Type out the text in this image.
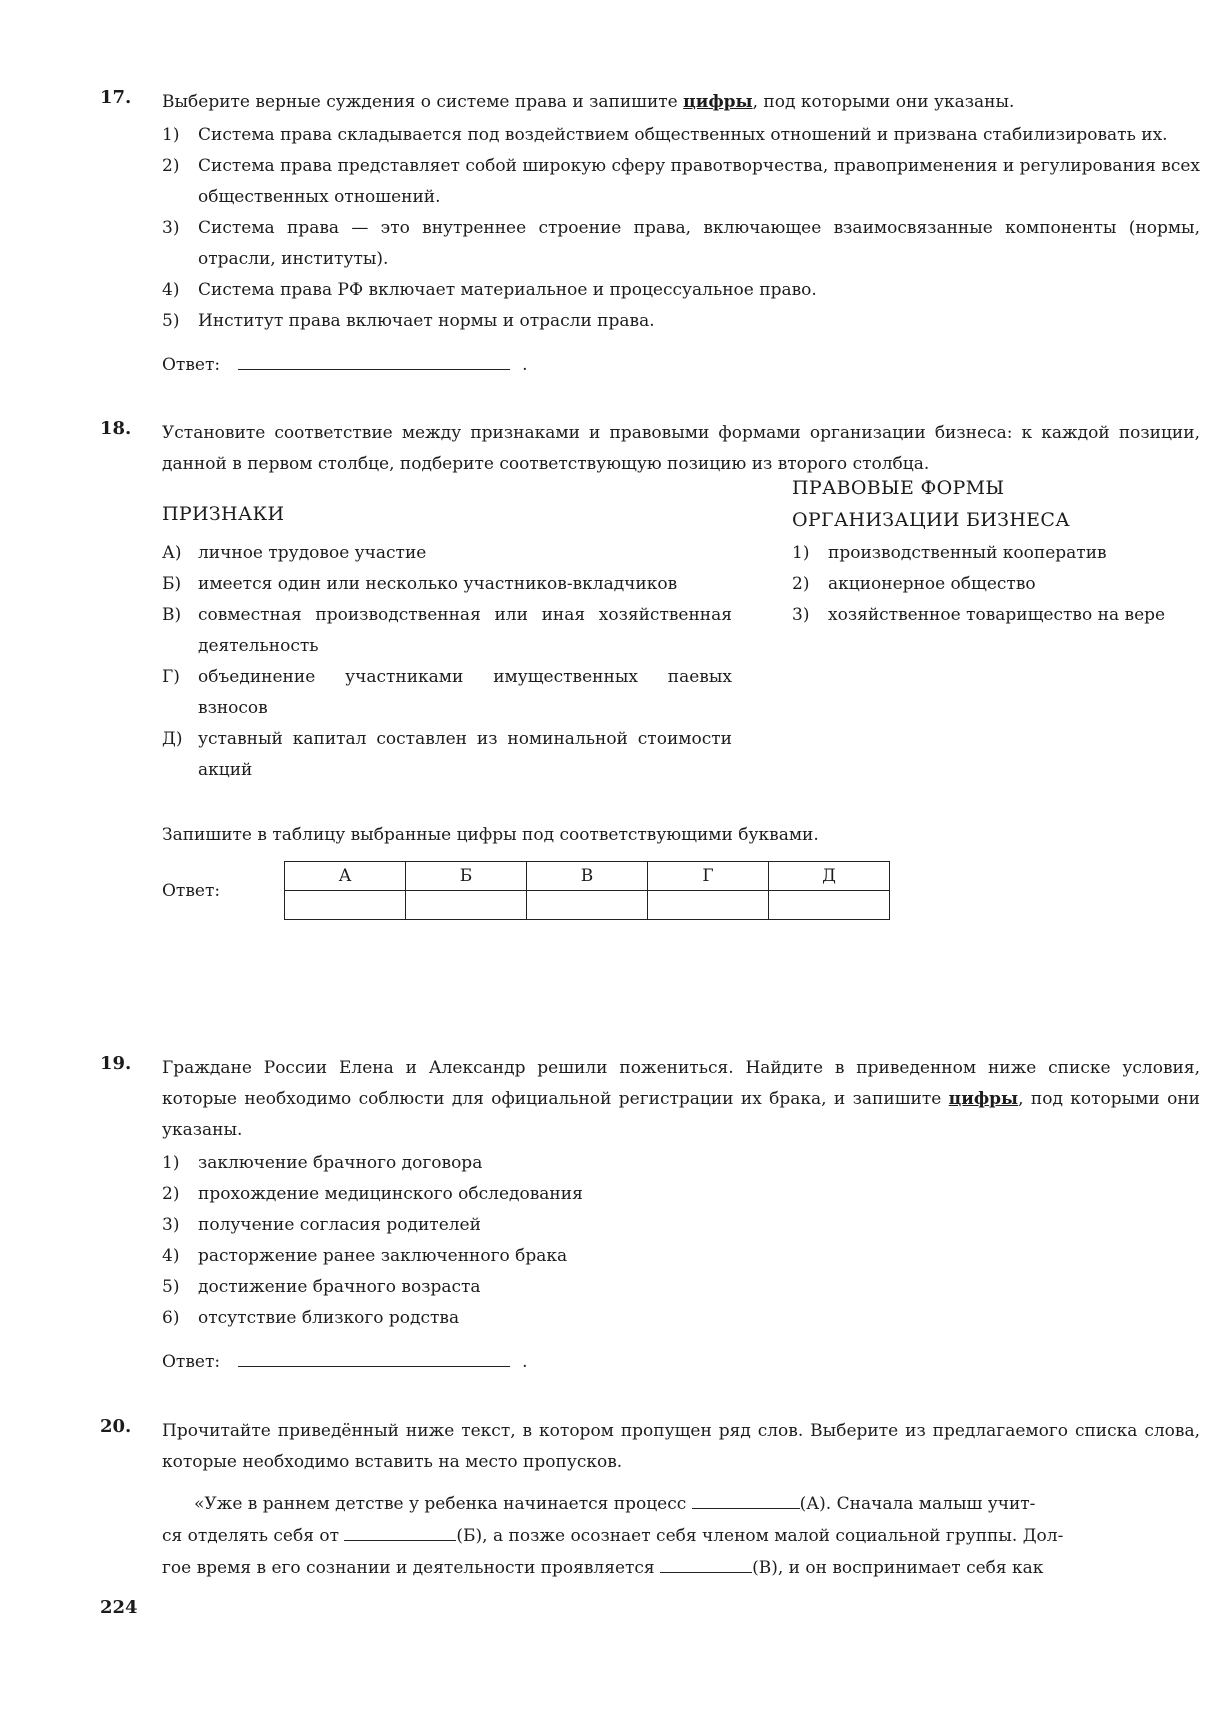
17. Выберите верные суждения о системе права и запишите цифры, под которыми они указаны.
1)	Система права складывается под воздействием общественных отношений и призвана стабилизировать их.
2)	Система права представляет собой широкую сферу правотворчества, правоприменения и регулирования всех общественных отношений.
3)	Система права — это внутреннее строение права, включающее взаимосвязанные компоненты (нормы, отрасли, институты).
4)	Система права РФ включает материальное и процессуальное право.
5)	Институт права включает нормы и отрасли права.
Ответ:	.
18. Установите соответствие между признаками и правовыми формами организации бизнеса: к каждой позиции, данной в первом столбце, подберите соответствующую позицию из второго столбца.
ПРИЗНАКИ
А) личное трудовое участие
Б) имеется один или несколько участников-вкладчиков
В) совместная производственная или иная хозяйственная деятельность
Г)	объединение участниками имущественных паевых взносов
Д) уставный капитал составлен из номинальной стоимости акций
ПРАВОВЫЕ ФОРМЫ
ОРГАНИЗАЦИИ БИЗНЕСА
1)	производственный кооператив
2)	акционерное общество
3)	хозяйственное товарищество на вере
Запишите в таблицу выбранные цифры под соответствующими буквами.
Ответ:
А	Б	В	Г	Д

19. Граждане России Елена и Александр решили пожениться. Найдите в приведенном ниже списке условия, которые необходимо соблюсти для официальной регистрации их брака, и запишите цифры, под которыми они указаны.
1)	заключение брачного договора
2)	прохождение медицинского обследования
3)	получение согласия родителей
4)	расторжение ранее заключенного брака
5)	достижение брачного возраста
6)	отсутствие близкого родства
Ответ:	.
20. Прочитайте приведённый ниже текст, в котором пропущен ряд слов. Выберите из предлагаемого списка слова, которые необходимо вставить на место пропусков.
«Уже в раннем детстве у ребенка начинается процесс	(А). Сначала малыш учит-
ся отделять себя от	(Б), а позже осознает себя членом малой социальной группы. Дол-
гое время в его сознании и деятельности проявляется	(В), и он воспринимает себя как
224
